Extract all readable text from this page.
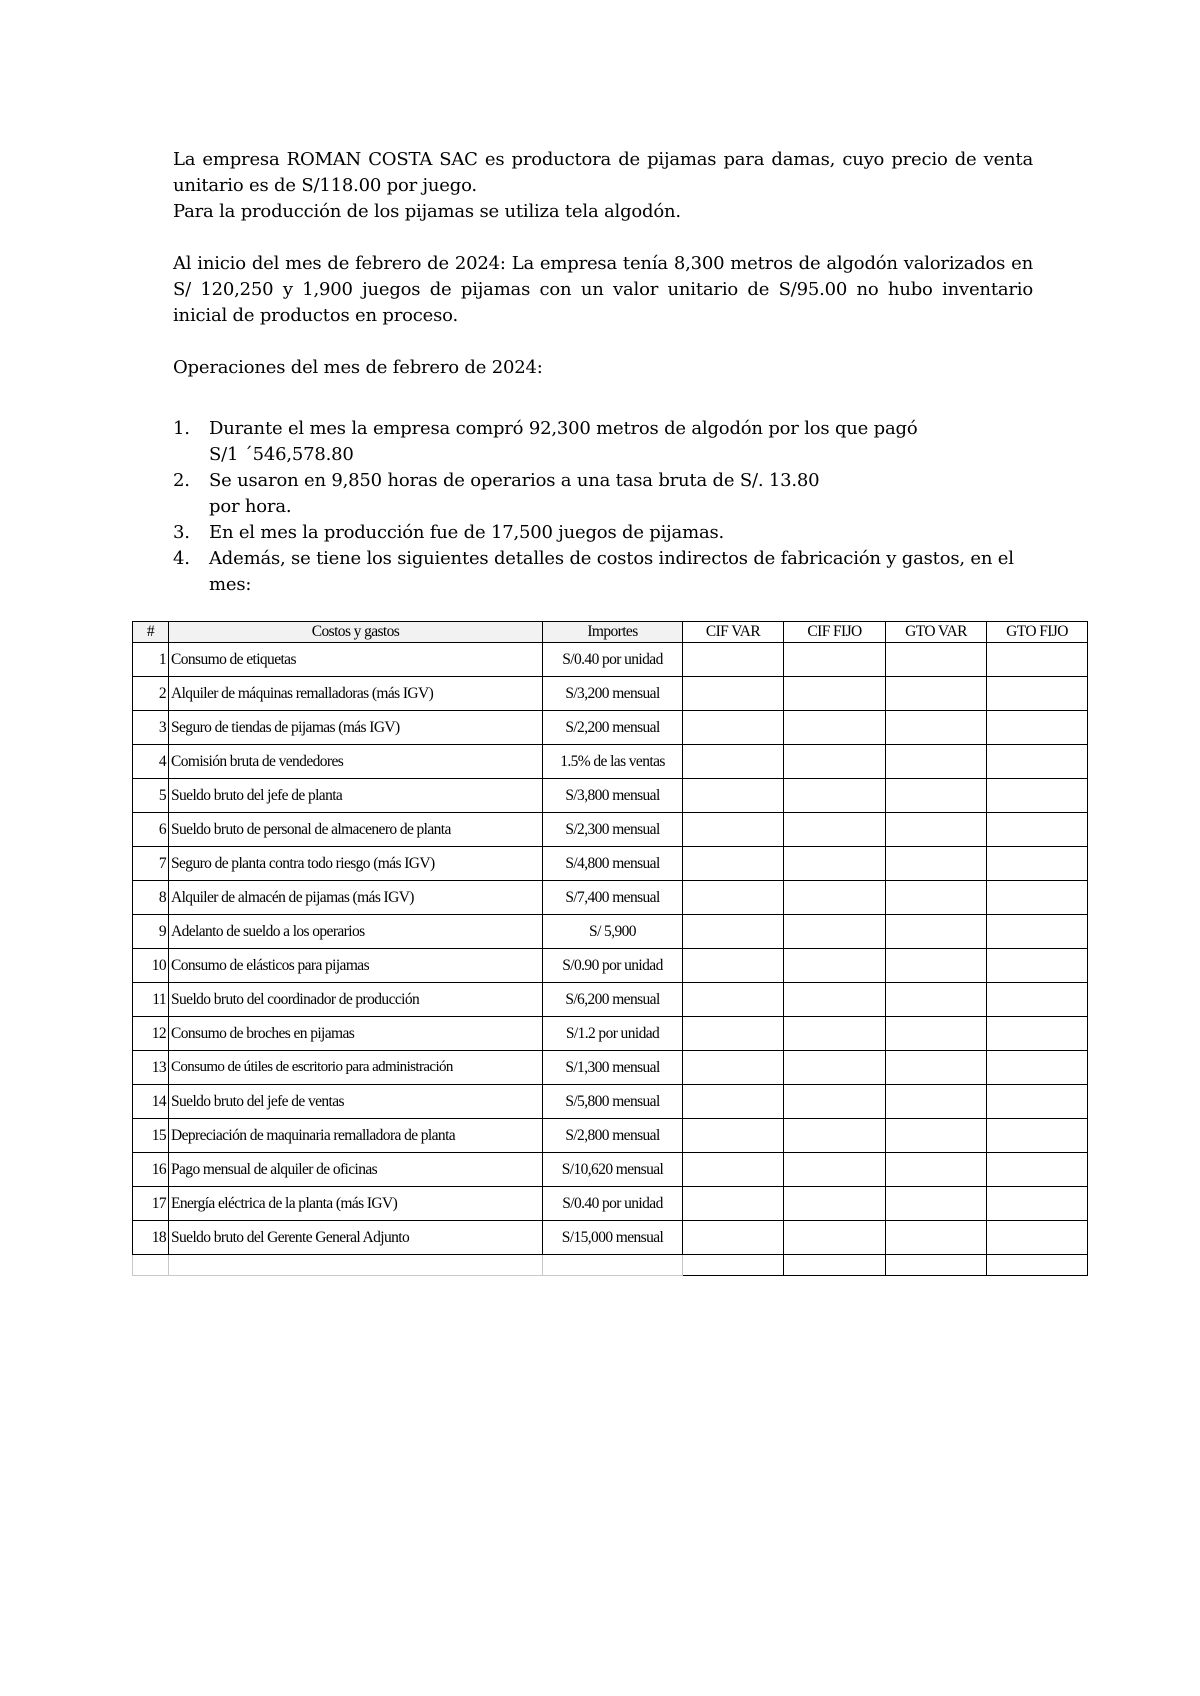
La empresa ROMAN COSTA SAC es productora de pijamas para damas, cuyo precio de venta unitario es de S/118.00 por juego.

Para la producción de los pijamas se utiliza tela algodón.

Al inicio del mes de febrero de 2024: La empresa tenía 8,300 metros de algodón valorizados en S/ 120,250 y 1,900 juegos de pijamas con un valor unitario de S/95.00 no hubo inventario inicial de productos en proceso.

Operaciones del mes de febrero de 2024:

1. Durante el mes la empresa compró 92,300 metros de algodón por los que pagó S/1 ´546,578.80
2. Se usaron en 9,850 horas de operarios a una tasa bruta de S/. 13.80 por hora.
3. En el mes la producción fue de 17,500 juegos de pijamas.
4. Además, se tiene los siguientes detalles de costos indirectos de fabricación y gastos, en el mes:
#	Costos y gastos	Importes	CIF VAR	CIF FIJO	GTO VAR	GTO FIJO
1	Consumo de etiquetas	S/0.40 por unidad				
2	Alquiler de máquinas remalladoras (más IGV)	S/3,200 mensual				
3	Seguro de tiendas de pijamas (más IGV)	S/2,200 mensual				
4	Comisión bruta de vendedores	1.5% de las ventas				
5	Sueldo bruto del jefe de planta	S/3,800 mensual				
6	Sueldo bruto de personal de almacenero de planta	S/2,300 mensual				
7	Seguro de planta contra todo riesgo (más IGV)	S/4,800 mensual				
8	Alquiler de almacén de pijamas (más IGV)	S/7,400 mensual				
9	Adelanto de sueldo a los operarios	S/ 5,900				
10	Consumo de elásticos para pijamas	S/0.90 por unidad				
11	Sueldo bruto del coordinador de producción	S/6,200 mensual				
12	Consumo de broches en pijamas	S/1.2 por unidad				
13	Consumo de útiles de escritorio para administración	S/1,300 mensual				
14	Sueldo bruto del jefe de ventas	S/5,800 mensual				
15	Depreciación de maquinaria remalladora de planta	S/2,800 mensual				
16	Pago mensual de alquiler de oficinas	S/10,620 mensual				
17	Energía eléctrica de la planta (más IGV)	S/0.40 por unidad				
18	Sueldo bruto del Gerente General Adjunto	S/15,000 mensual				
